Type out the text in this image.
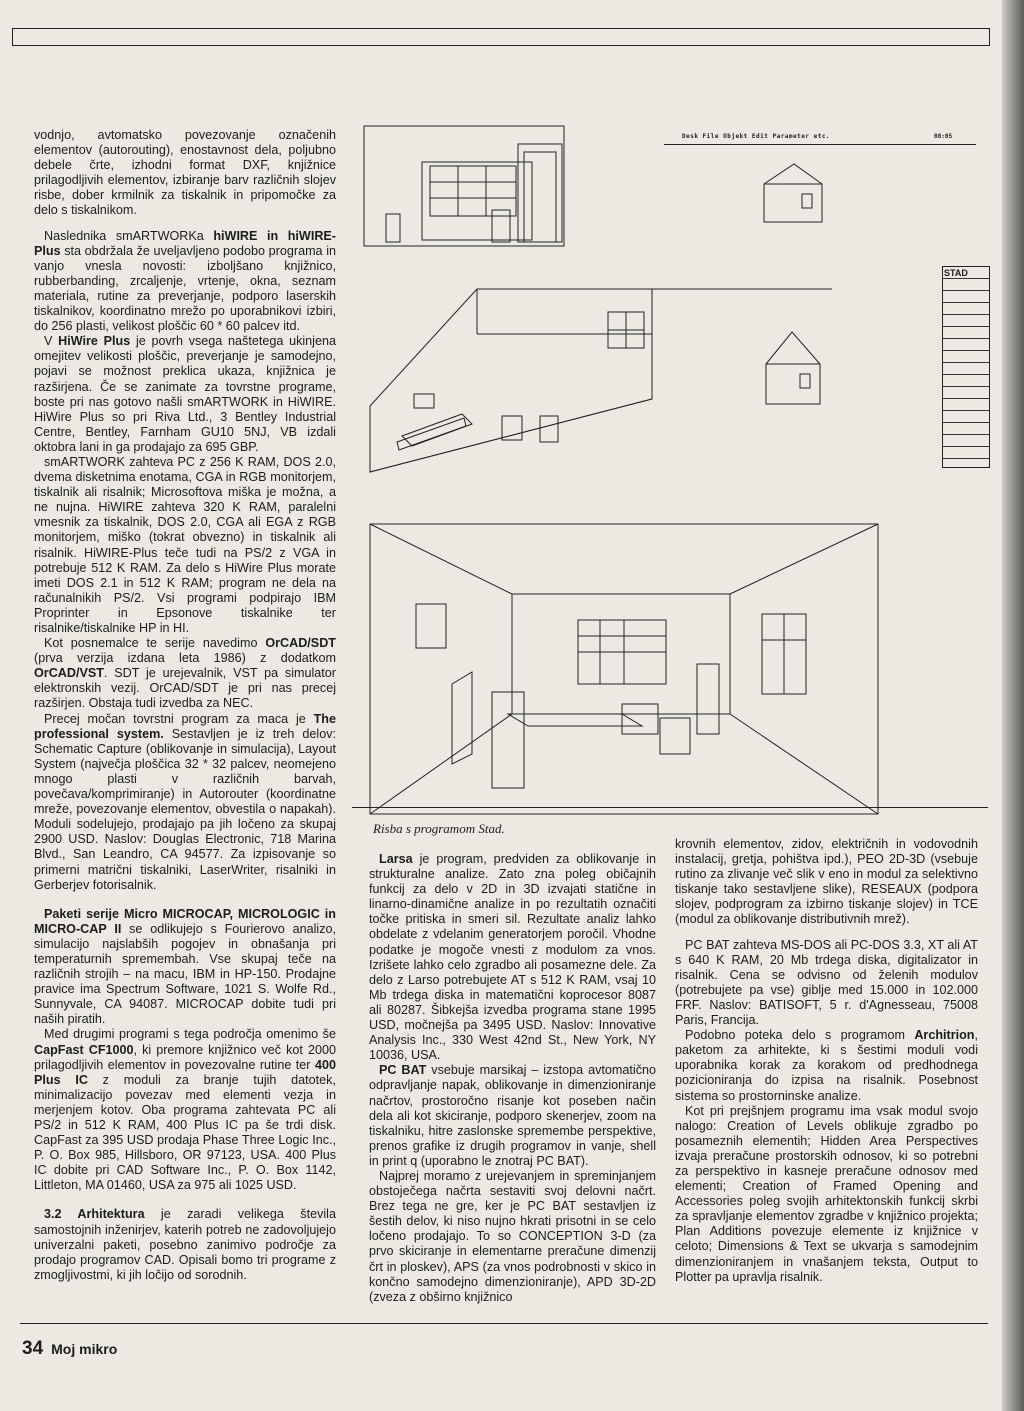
vodnjo, avtomatsko povezovanje označenih elementov (autorouting), enostavnost dela, poljubno debele črte, izhodni format DXF, knjižnice prilagodljivih elementov, izbiranje barv različnih slojev risbe, dober krmilnik za tiskalnik in pripomočke za delo s tiskalnikom.

Naslednika smARTWORKa hiWIRE in hiWIRE-Plus sta obdržala že uveljavljeno podobo programa in vanjo vnesla novosti: izboljšano knjižnico, rubberbanding, zrcaljenje, vrtenje, okna, seznam materiala, rutine za preverjanje, podporo laserskih tiskalnikov, koordinatno mrežo po uporabnikovi izbiri, do 256 plasti, velikost ploščic 60 * 60 palcev itd.

V HiWire Plus je povrh vsega naštetega ukinjena omejitev velikosti ploščic, preverjanje je samodejno, pojavi se možnost preklica ukaza, knjižnica je razširjena. Če se zanimate za tovrstne programe, boste pri nas gotovo našli smARTWORK in HiWIRE. HiWire Plus so pri Riva Ltd., 3 Bentley Industrial Centre, Bentley, Farnham GU10 5NJ, VB izdali oktobra lani in ga prodajajo za 695 GBP.

smARTWORK zahteva PC z 256 K RAM, DOS 2.0, dvema disketnima enotama, CGA in RGB monitorjem, tiskalnik ali risalnik; Microsoftova miška je možna, a ne nujna. HiWIRE zahteva 320 K RAM, paralelni vmesnik za tiskalnik, DOS 2.0, CGA ali EGA z RGB monitorjem, miško (tokrat obvezno) in tiskalnik ali risalnik. HiWIRE-Plus teče tudi na PS/2 z VGA in potrebuje 512 K RAM. Za delo s HiWire Plus morate imeti DOS 2.1 in 512 K RAM; program ne dela na računalnikih PS/2. Vsi programi podpirajo IBM Proprinter in Epsonove tiskalnike ter risalnike/tiskalnike HP in HI.

Kot posnemalce te serije navedimo OrCAD/SDT (prva verzija izdana leta 1986) z dodatkom OrCAD/VST. SDT je urejevalnik, VST pa simulator elektronskih vezij. OrCAD/SDT je pri nas precej razširjen. Obstaja tudi izvedba za NEC.

Precej močan tovrstni program za maca je The professional system. Sestavljen je iz treh delov: Schematic Capture (oblikovanje in simulacija), Layout System (največja ploščica 32 * 32 palcev, neomejeno mnogo plasti v različnih barvah, povečava/komprimiranje) in Autorouter (koordinatne mreže, povezovanje elementov, obvestila o napakah). Moduli sodelujejo, prodajajo pa jih ločeno za skupaj 2900 USD. Naslov: Douglas Electronic, 718 Marina Blvd., San Leandro, CA 94577. Za izpisovanje so primerni matrični tiskalniki, LaserWriter, risalniki in Gerberjev fotorisalnik.

Paketi serije Micro MICROCAP, MICROLOGIC in MICRO-CAP II se odlikujejo s Fourierovo analizo, simulacijo najslabših pogojev in obnašanja pri temperaturnih spremembah. Vse skupaj teče na različnih strojih – na macu, IBM in HP-150. Prodajne pravice ima Spectrum Software, 1021 S. Wolfe Rd., Sunnyvale, CA 94087. MICROCAP dobite tudi pri naših piratih.

Med drugimi programi s tega področja omenimo še CapFast CF1000, ki premore knjižnico več kot 2000 prilagodljivih elementov in povezovalne rutine ter 400 Plus IC z moduli za branje tujih datotek, minimalizacijo povezav med elementi vezja in merjenjem kotov. Oba programa zahtevata PC ali PS/2 in 512 K RAM, 400 Plus IC pa še trdi disk. CapFast za 395 USD prodaja Phase Three Logic Inc., P. O. Box 985, Hillsboro, OR 97123, USA. 400 Plus IC dobite pri CAD Software Inc., P. O. Box 1142, Littleton, MA 01460, USA za 975 ali 1025 USD.

3.2 Arhitektura je zaradi velikega števila samostojnih inženirjev, katerih potreb ne zadovoljujejo univerzalni paketi, posebno zanimivo področje za prodajo programov CAD. Opisali bomo tri programe z zmogljivostmi, ki jih ločijo od sorodnih.

Desk File Objekt Edit Parameter etc.	08:05
STAD
Risba s programom Stad.

Larsa je program, predviden za oblikovanje in strukturalne analize. Zato zna poleg običajnih funkcij za delo v 2D in 3D izvajati statične in linarno-dinamične analize in po rezultatih označiti točke pritiska in smeri sil. Rezultate analiz lahko obdelate z vdelanim generatorjem poročil. Vhodne podatke je mogoče vnesti z modulom za vnos. Izrišete lahko celo zgradbo ali posamezne dele. Za delo z Larso potrebujete AT s 512 K RAM, vsaj 10 Mb trdega diska in matematični koprocesor 8087 ali 80287. Šibkejša izvedba programa stane 1995 USD, močnejša pa 3495 USD. Naslov: Innovative Analysis Inc., 330 West 42nd St., New York, NY 10036, USA.

PC BAT vsebuje marsikaj – izstopa avtomatično odpravljanje napak, oblikovanje in dimenzioniranje načrtov, prostoročno risanje kot poseben način dela ali kot skiciranje, podporo skenerjev, zoom na tiskalniku, hitre zaslonske spremembe perspektive, prenos grafike iz drugih programov in vanje, shell in print q (uporabno le znotraj PC BAT).

Najprej moramo z urejevanjem in spreminjanjem obstoječega načrta sestaviti svoj delovni načrt. Brez tega ne gre, ker je PC BAT sestavljen iz šestih delov, ki niso nujno hkrati prisotni in se celo ločeno prodajajo. To so CONCEPTION 3-D (za prvo skiciranje in elementarne preračune dimenzij črt in ploskev), APS (za vnos podrobnosti v skico in končno samodejno dimenzioniranje), APD 3D-2D (zveza z obširno knjižnico

krovnih elementov, zidov, električnih in vodovodnih instalacij, gretja, pohištva ipd.), PEO 2D-3D (vsebuje rutino za zlivanje več slik v eno in modul za selektivno tiskanje tako sestavljene slike), RESEAUX (podpora slojev, podprogram za izbirno tiskanje slojev) in TCE (modul za oblikovanje distributivnih mrež).

PC BAT zahteva MS-DOS ali PC-DOS 3.3, XT ali AT s 640 K RAM, 20 Mb trdega diska, digitalizator in risalnik. Cena se odvisno od želenih modulov (potrebujete pa vse) giblje med 15.000 in 102.000 FRF. Naslov: BATISOFT, 5 r. d'Agnesseau, 75008 Paris, Francija.

Podobno poteka delo s programom Architrion, paketom za arhitekte, ki s šestimi moduli vodi uporabnika korak za korakom od predhodnega pozicioniranja do izpisa na risalnik. Posebnost sistema so prostorninske analize.

Kot pri prejšnjem programu ima vsak modul svojo nalogo: Creation of Levels oblikuje zgradbo po posameznih elementih; Hidden Area Perspectives izvaja preračune prostorskih odnosov, ki so potrebni za perspektivo in kasneje preračune odnosov med elementi; Creation of Framed Opening and Accessories poleg svojih arhitektonskih funkcij skrbi za spravljanje elementov zgradbe v knjižnico projekta; Plan Additions povezuje elemente iz knjižnice v celoto; Dimensions & Text se ukvarja s samodejnim dimenzioniranjem in vnašanjem teksta, Output to Plotter pa upravlja risalnik.

34 Moj mikro
